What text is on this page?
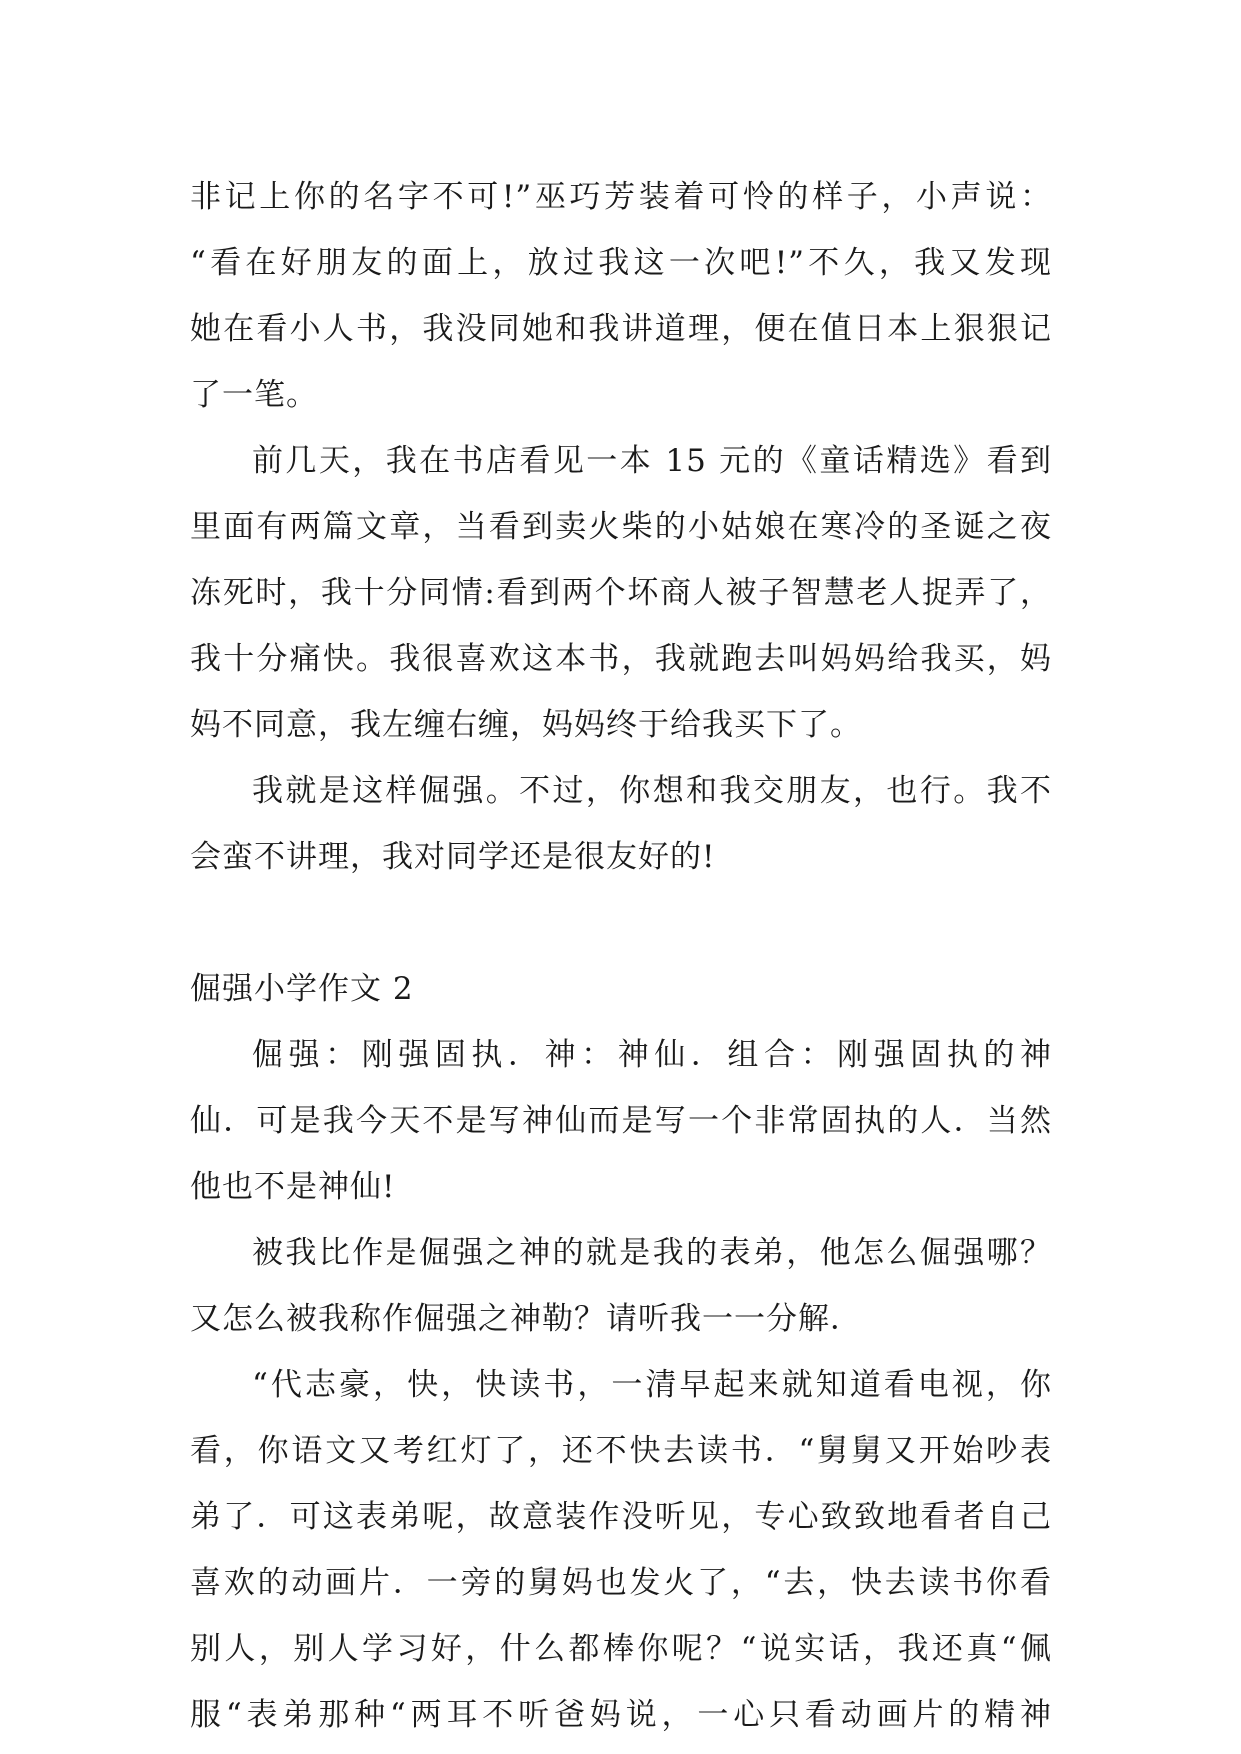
非记上你的名字不可!”巫巧芳装着可怜的样子，小声说：
“看在好朋友的面上，放过我这一次吧!”不久，我又发现
她在看小人书，我没同她和我讲道理，便在值日本上狠狠记
了一笔。
前几天，我在书店看见一本 15 元的《童话精选》看到
里面有两篇文章，当看到卖火柴的小姑娘在寒冷的圣诞之夜
冻死时，我十分同情:看到两个坏商人被子智慧老人捉弄了，
我十分痛快。我很喜欢这本书，我就跑去叫妈妈给我买，妈
妈不同意，我左缠右缠，妈妈终于给我买下了。
我就是这样倔强。不过，你想和我交朋友，也行。我不
会蛮不讲理，我对同学还是很友好的!
倔强小学作文 2
倔强：刚强固执．神：神仙．组合：刚强固执的神
仙．可是我今天不是写神仙而是写一个非常固执的人．当然
他也不是神仙!
被我比作是倔强之神的就是我的表弟，他怎么倔强哪？
又怎么被我称作倔强之神勒？请听我一一分解．
“代志豪，快，快读书，一清早起来就知道看电视，你
看，你语文又考红灯了，还不快去读书．“舅舅又开始吵表
弟了．可这表弟呢，故意装作没听见，专心致致地看者自己
喜欢的动画片．一旁的舅妈也发火了，“去，快去读书你看
别人，别人学习好，什么都棒你呢？“说实话，我还真“佩
服“表弟那种“两耳不听爸妈说，一心只看动画片的精神
